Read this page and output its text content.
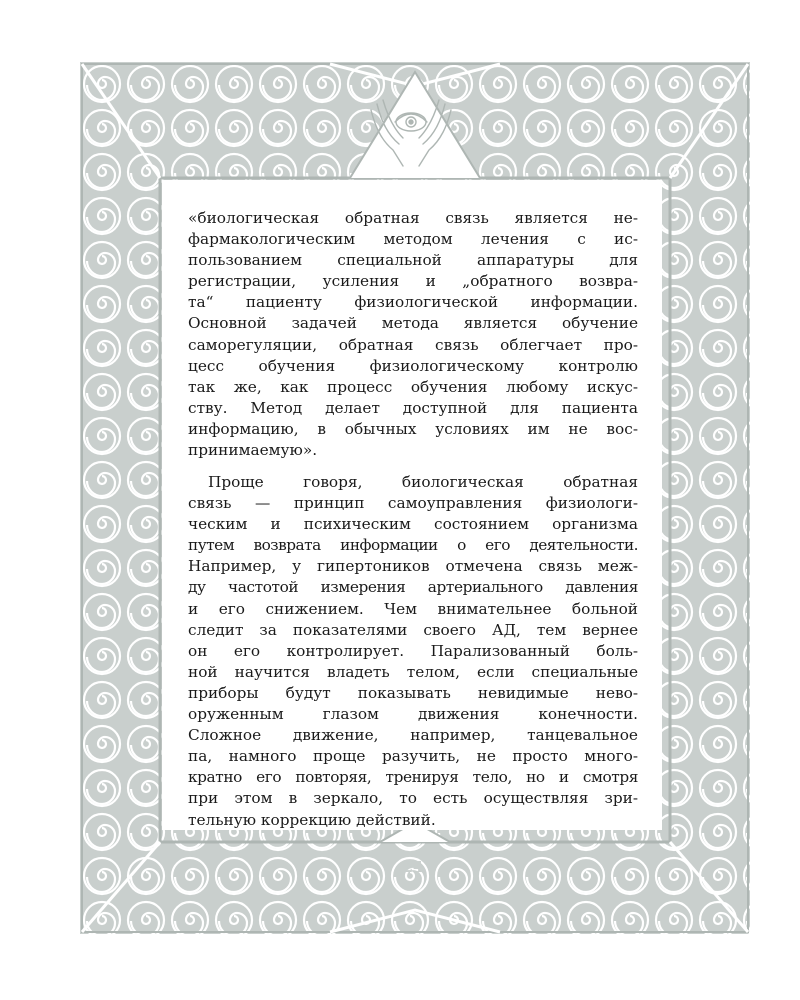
«биологическая обратная связь является не-
фармакологическим методом лечения с ис-
пользованием специальной аппаратуры для
регистрации, усиления и „обратного возвра-
та“ пациенту физиологической информации.
Основной задачей метода является обучение
саморегуляции, обратная связь облегчает про-
цесс обучения физиологическому контролю
так же, как процесс обучения любому искус-
ству. Метод делает доступной для пациента
информацию, в обычных условиях им не вос-
принимаемую».
Проще говоря, биологическая обратная
связь — принцип самоуправления физиологи-
ческим и психическим состоянием организма
путем возврата информации о его деятельности.
Например, у гипертоников отмечена связь меж-
ду частотой измерения артериального давления
и его снижением. Чем внимательнее больной
следит за показателями своего АД, тем вернее
он его контролирует. Парализованный боль-
ной научится владеть телом, если специальные
приборы будут показывать невидимые нево-
оруженным глазом движения конечности.
Сложное движение, например, танцевальное
па, намного проще разучить, не просто много-
кратно его повторяя, тренируя тело, но и смотря
при этом в зеркало, то есть осуществляя зри-
тельную коррекцию действий.
24
